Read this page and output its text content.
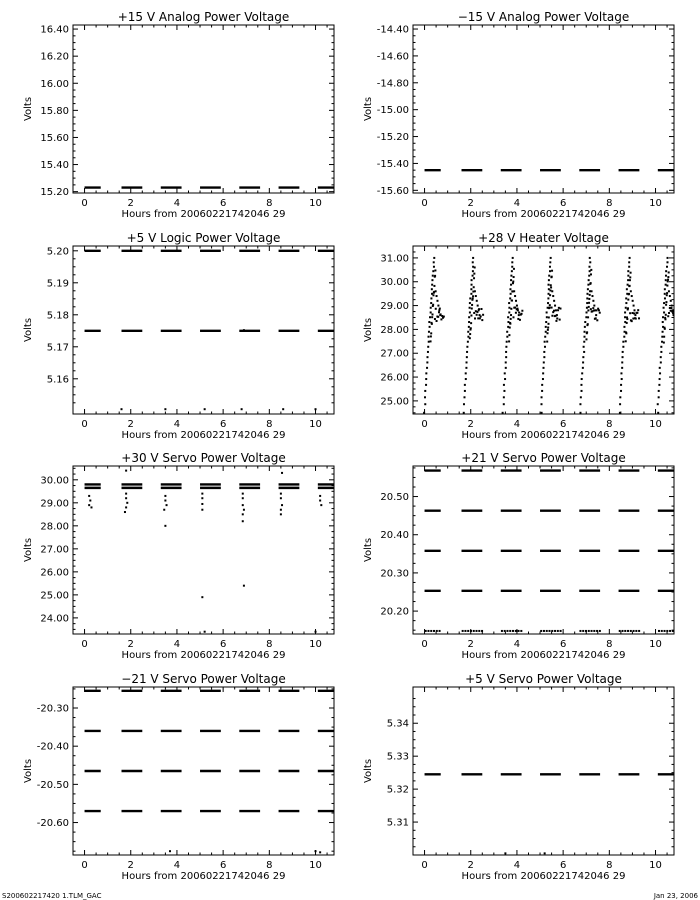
+15 V Analog Power Voltage
0	2	4	6	8	10
15.20
15.40
15.60
15.80
16.00
16.20
16.40
Hours from 20060221742046 29
Volts
−15 V Analog Power Voltage
0	2	4	6	8	10
-15.60
-15.40
-15.20
-15.00
-14.80
-14.60
-14.40
Hours from 20060221742046 29
Volts
+5 V Logic Power Voltage
0	2	4	6	8	10
5.16
5.17
5.18
5.19
5.20
Hours from 20060221742046 29
Volts
+28 V Heater Voltage
0	2	4	6	8	10
25.00
26.00
27.00
28.00
29.00
30.00
31.00
Hours from 20060221742046 29
Volts
+30 V Servo Power Voltage
0	2	4	6	8	10
24.00
25.00
26.00
27.00
28.00
29.00
30.00
Hours from 20060221742046 29
Volts
+21 V Servo Power Voltage
0	2	4	6	8	10
20.20
20.30
20.40
20.50
Hours from 20060221742046 29
Volts
−21 V Servo Power Voltage
0	2	4	6	8	10
-20.60
-20.50
-20.40
-20.30
Hours from 20060221742046 29
Volts
+5 V Servo Power Voltage
0	2	4	6	8	10
5.31
5.32
5.33
5.34
Hours from 20060221742046 29
Volts
S200602217420 1.TLM_GAC	Jan 23, 2006
